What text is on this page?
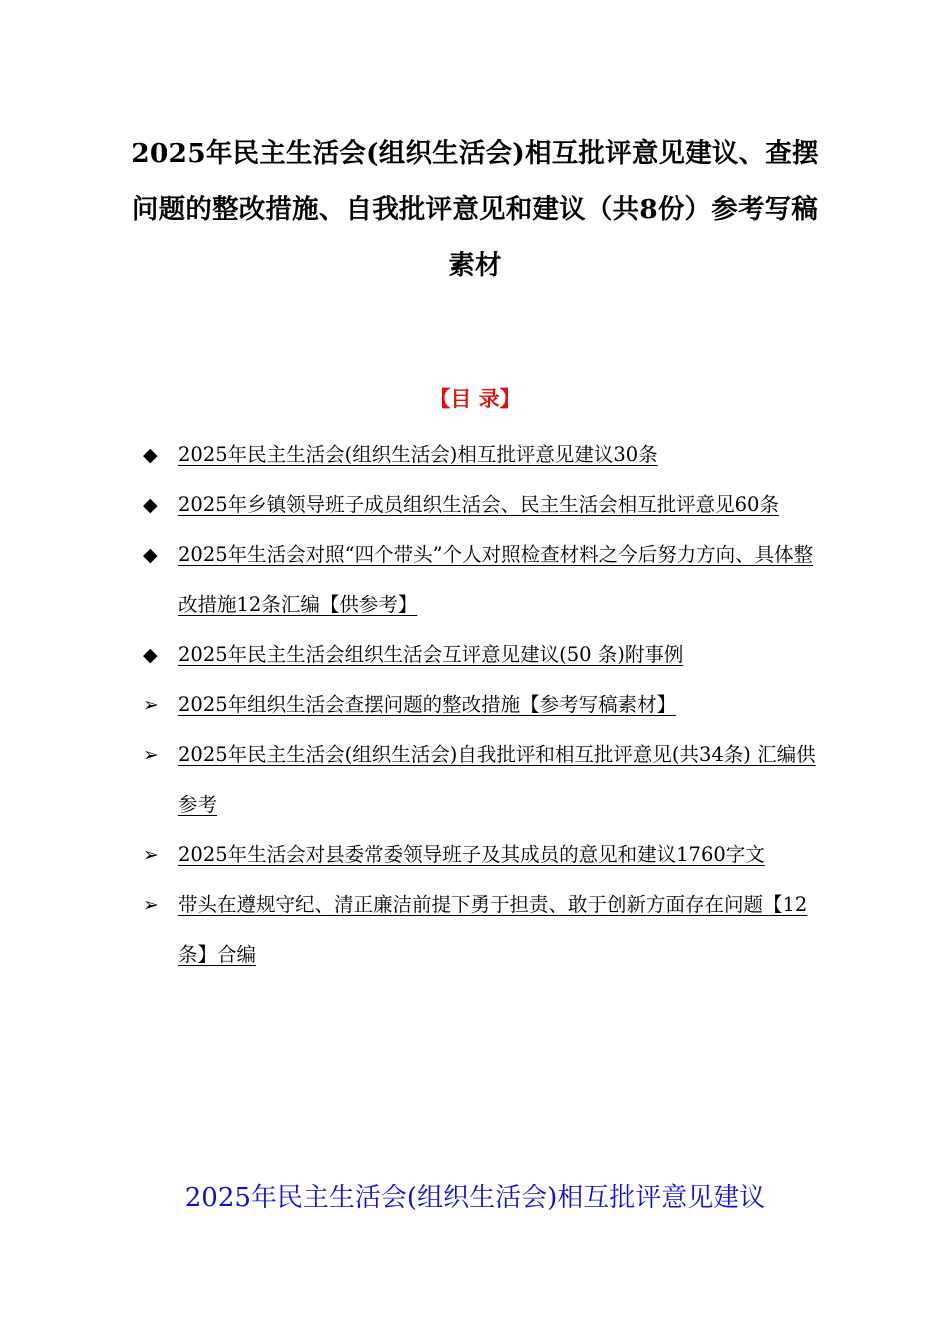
2025年民主生活会(组织生活会)相互批评意见建议、查摆问题的整改措施、自我批评意见和建议（共8份）参考写稿素材
【目 录】
◆	2025年民主生活会(组织生活会)相互批评意见建议30条
◆	2025年乡镇领导班子成员组织生活会、民主生活会相互批评意见60条
◆	2025年生活会对照“四个带头”个人对照检查材料之今后努力方向、具体整改措施12条汇编【供参考】
◆	2025年民主生活会组织生活会互评意见建议(50 条)附事例
➢ 2025年组织生活会查摆问题的整改措施【参考写稿素材】
➢ 2025年民主生活会(组织生活会)自我批评和相互批评意见(共34条) 汇编供参考
➢ 2025年生活会对县委常委领导班子及其成员的意见和建议1760字文
➢ 带头在遵规守纪、清正廉洁前提下勇于担责、敢于创新方面存在问题【12条】合编
2025年民主生活会(组织生活会)相互批评意见建议
